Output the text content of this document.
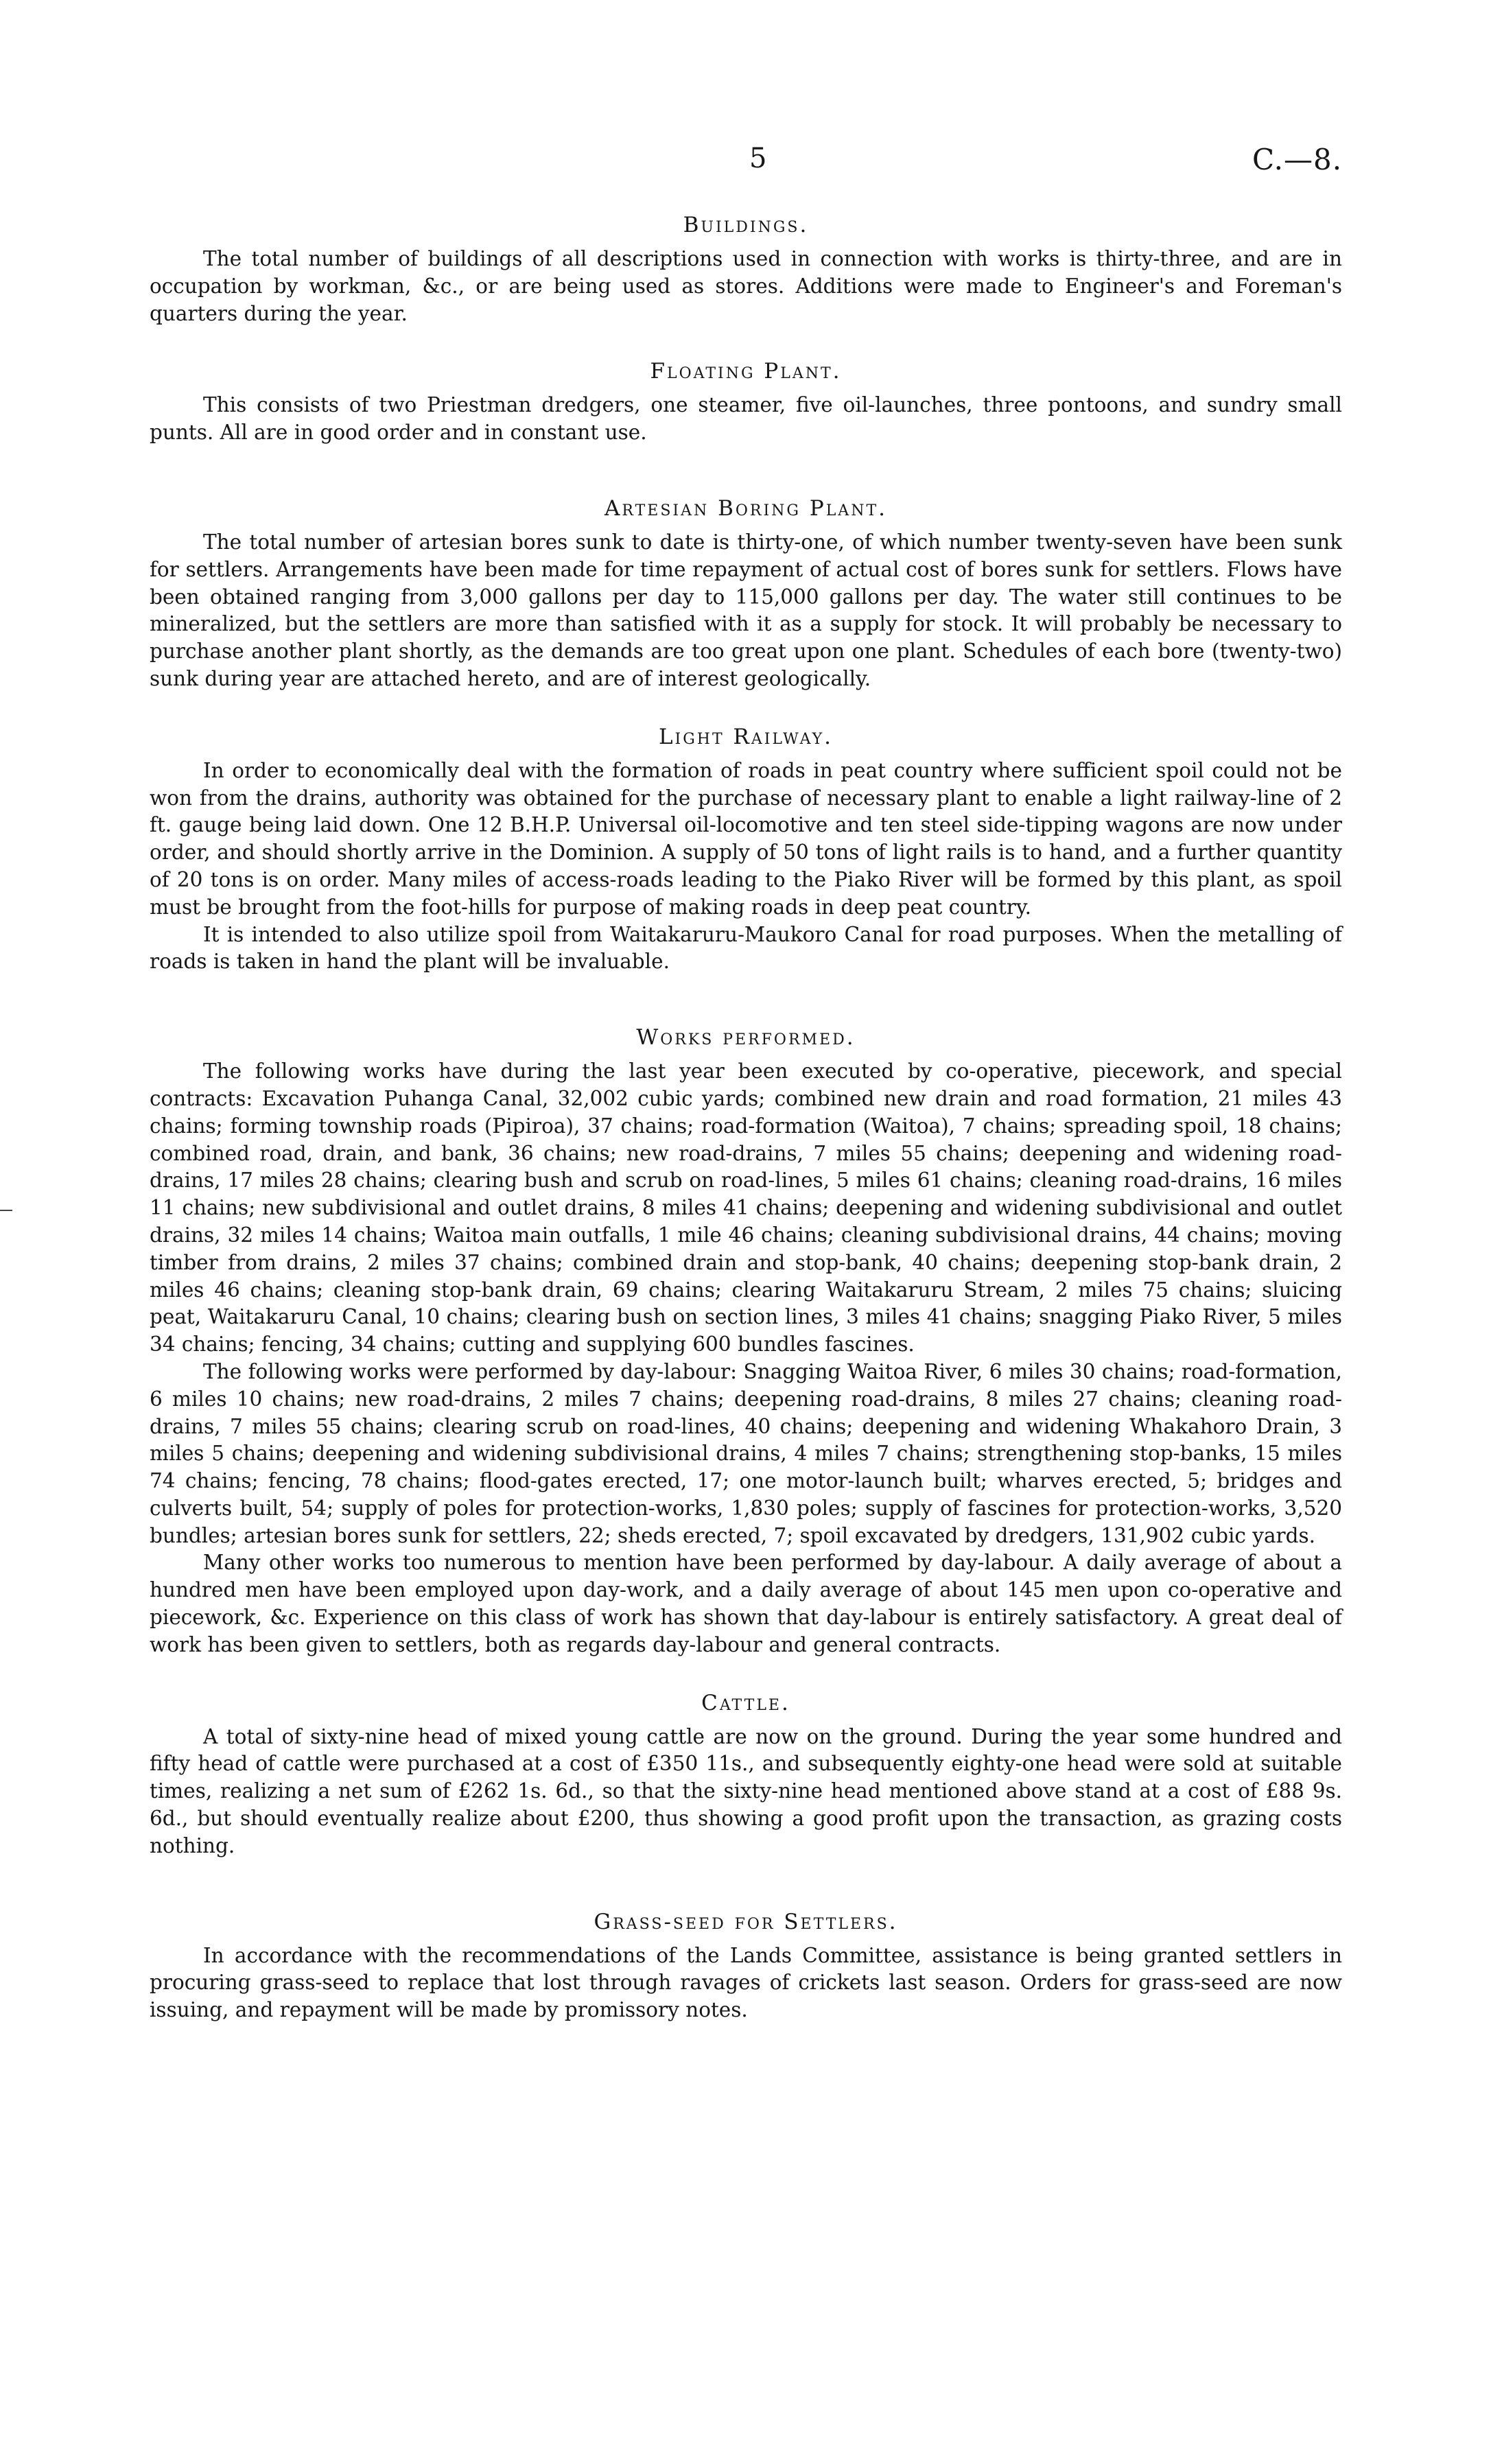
5	C.—8.
Buildings.

The total number of buildings of all descriptions used in connection with works is thirty-three, and are in occupation by workman, &c., or are being used as stores. Additions were made to Engineer's and Foreman's quarters during the year.

Floating Plant.

This consists of two Priestman dredgers, one steamer, five oil-launches, three pontoons, and sundry small punts. All are in good order and in constant use.

Artesian Boring Plant.

The total number of artesian bores sunk to date is thirty-one, of which number twenty-seven have been sunk for settlers. Arrangements have been made for time repayment of actual cost of bores sunk for settlers. Flows have been obtained ranging from 3,000 gallons per day to 115,000 gallons per day. The water still continues to be mineralized, but the settlers are more than satisfied with it as a supply for stock. It will probably be necessary to purchase another plant shortly, as the demands are too great upon one plant. Schedules of each bore (twenty-two) sunk during year are attached hereto, and are of interest geologically.

Light Railway.

In order to economically deal with the formation of roads in peat country where sufficient spoil could not be won from the drains, authority was obtained for the purchase of necessary plant to enable a light railway-line of 2 ft. gauge being laid down. One 12 B.H.P. Universal oil-locomotive and ten steel side-tipping wagons are now under order, and should shortly arrive in the Dominion. A supply of 50 tons of light rails is to hand, and a further quantity of 20 tons is on order. Many miles of access-roads leading to the Piako River will be formed by this plant, as spoil must be brought from the foot-hills for purpose of making roads in deep peat country.

It is intended to also utilize spoil from Waitakaruru-Maukoro Canal for road purposes. When the metalling of roads is taken in hand the plant will be invaluable.

Works performed.

The following works have during the last year been executed by co-operative, piecework, and special contracts: Excavation Puhanga Canal, 32,002 cubic yards; combined new drain and road formation, 21 miles 43 chains; forming township roads (Pipiroa), 37 chains; road-formation (Waitoa), 7 chains; spreading spoil, 18 chains; combined road, drain, and bank, 36 chains; new road-drains, 7 miles 55 chains; deepening and widening road-drains, 17 miles 28 chains; clearing bush and scrub on road-lines, 5 miles 61 chains; cleaning road-drains, 16 miles 11 chains; new subdivisional and outlet drains, 8 miles 41 chains; deepening and widening subdivisional and outlet drains, 32 miles 14 chains; Waitoa main outfalls, 1 mile 46 chains; cleaning subdivisional drains, 44 chains; moving timber from drains, 2 miles 37 chains; combined drain and stop-bank, 40 chains; deepening stop-bank drain, 2 miles 46 chains; cleaning stop-bank drain, 69 chains; clearing Waitakaruru Stream, 2 miles 75 chains; sluicing peat, Waitakaruru Canal, 10 chains; clearing bush on section lines, 3 miles 41 chains; snagging Piako River, 5 miles 34 chains; fencing, 34 chains; cutting and supplying 600 bundles fascines.

The following works were performed by day-labour: Snagging Waitoa River, 6 miles 30 chains; road-formation, 6 miles 10 chains; new road-drains, 2 miles 7 chains; deepening road-drains, 8 miles 27 chains; cleaning road-drains, 7 miles 55 chains; clearing scrub on road-lines, 40 chains; deepening and widening Whakahoro Drain, 3 miles 5 chains; deepening and widening subdivisional drains, 4 miles 7 chains; strengthening stop-banks, 15 miles 74 chains; fencing, 78 chains; flood-gates erected, 17; one motor-launch built; wharves erected, 5; bridges and culverts built, 54; supply of poles for protection-works, 1,830 poles; supply of fascines for protection-works, 3,520 bundles; artesian bores sunk for settlers, 22; sheds erected, 7; spoil excavated by dredgers, 131,902 cubic yards.

Many other works too numerous to mention have been performed by day-labour. A daily average of about a hundred men have been employed upon day-work, and a daily average of about 145 men upon co-operative and piecework, &c. Experience on this class of work has shown that day-labour is entirely satisfactory. A great deal of work has been given to settlers, both as regards day-labour and general contracts.

Cattle.

A total of sixty-nine head of mixed young cattle are now on the ground. During the year some hundred and fifty head of cattle were purchased at a cost of £350 11s., and subsequently eighty-one head were sold at suitable times, realizing a net sum of £262 1s. 6d., so that the sixty-nine head mentioned above stand at a cost of £88 9s. 6d., but should eventually realize about £200, thus showing a good profit upon the transaction, as grazing costs nothing.

Grass-seed for Settlers.

In accordance with the recommendations of the Lands Committee, assistance is being granted settlers in procuring grass-seed to replace that lost through ravages of crickets last season. Orders for grass-seed are now issuing, and repayment will be made by promissory notes.
